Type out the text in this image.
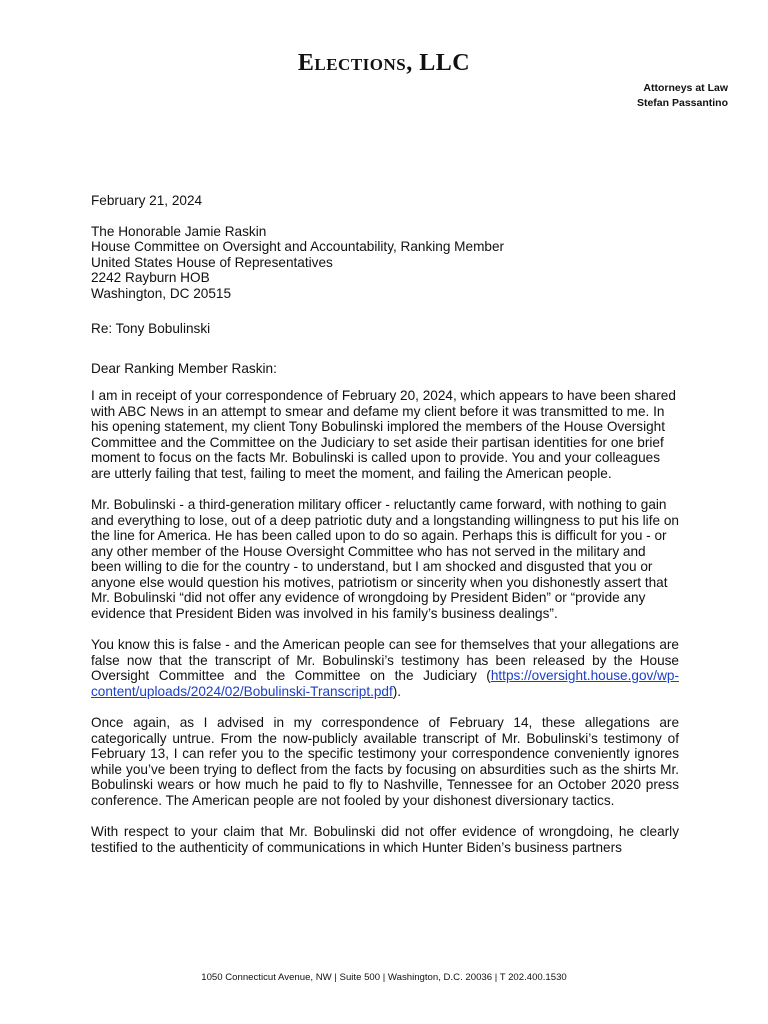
Elections, LLC
Attorneys at Law
Stefan Passantino

February 21, 2024

The Honorable Jamie Raskin
House Committee on Oversight and Accountability, Ranking Member
United States House of Representatives
2242 Rayburn HOB
Washington, DC 20515

Re: Tony Bobulinski

Dear Ranking Member Raskin:

I am in receipt of your correspondence of February 20, 2024, which appears to have been shared with ABC News in an attempt to smear and defame my client before it was transmitted to me. In his opening statement, my client Tony Bobulinski implored the members of the House Oversight Committee and the Committee on the Judiciary to set aside their partisan identities for one brief moment to focus on the facts Mr. Bobulinski is called upon to provide. You and your colleagues are utterly failing that test, failing to meet the moment, and failing the American people.

Mr. Bobulinski - a third-generation military officer - reluctantly came forward, with nothing to gain and everything to lose, out of a deep patriotic duty and a longstanding willingness to put his life on the line for America. He has been called upon to do so again. Perhaps this is difficult for you - or any other member of the House Oversight Committee who has not served in the military and been willing to die for the country - to understand, but I am shocked and disgusted that you or anyone else would question his motives, patriotism or sincerity when you dishonestly assert that Mr. Bobulinski “did not offer any evidence of wrongdoing by President Biden” or “provide any evidence that President Biden was involved in his family’s business dealings”.

You know this is false - and the American people can see for themselves that your allegations are false now that the transcript of Mr. Bobulinski’s testimony has been released by the House Oversight Committee and the Committee on the Judiciary (https://oversight.house.gov/wp-content/uploads/2024/02/Bobulinski-Transcript.pdf).

Once again, as I advised in my correspondence of February 14, these allegations are categorically untrue. From the now-publicly available transcript of Mr. Bobulinski’s testimony of February 13, I can refer you to the specific testimony your correspondence conveniently ignores while you’ve been trying to deflect from the facts by focusing on absurdities such as the shirts Mr. Bobulinski wears or how much he paid to fly to Nashville, Tennessee for an October 2020 press conference. The American people are not fooled by your dishonest diversionary tactics.

With respect to your claim that Mr. Bobulinski did not offer evidence of wrongdoing, he clearly testified to the authenticity of communications in which Hunter Biden’s business partners

1050 Connecticut Avenue, NW | Suite 500 | Washington, D.C. 20036 | T 202.400.1530
